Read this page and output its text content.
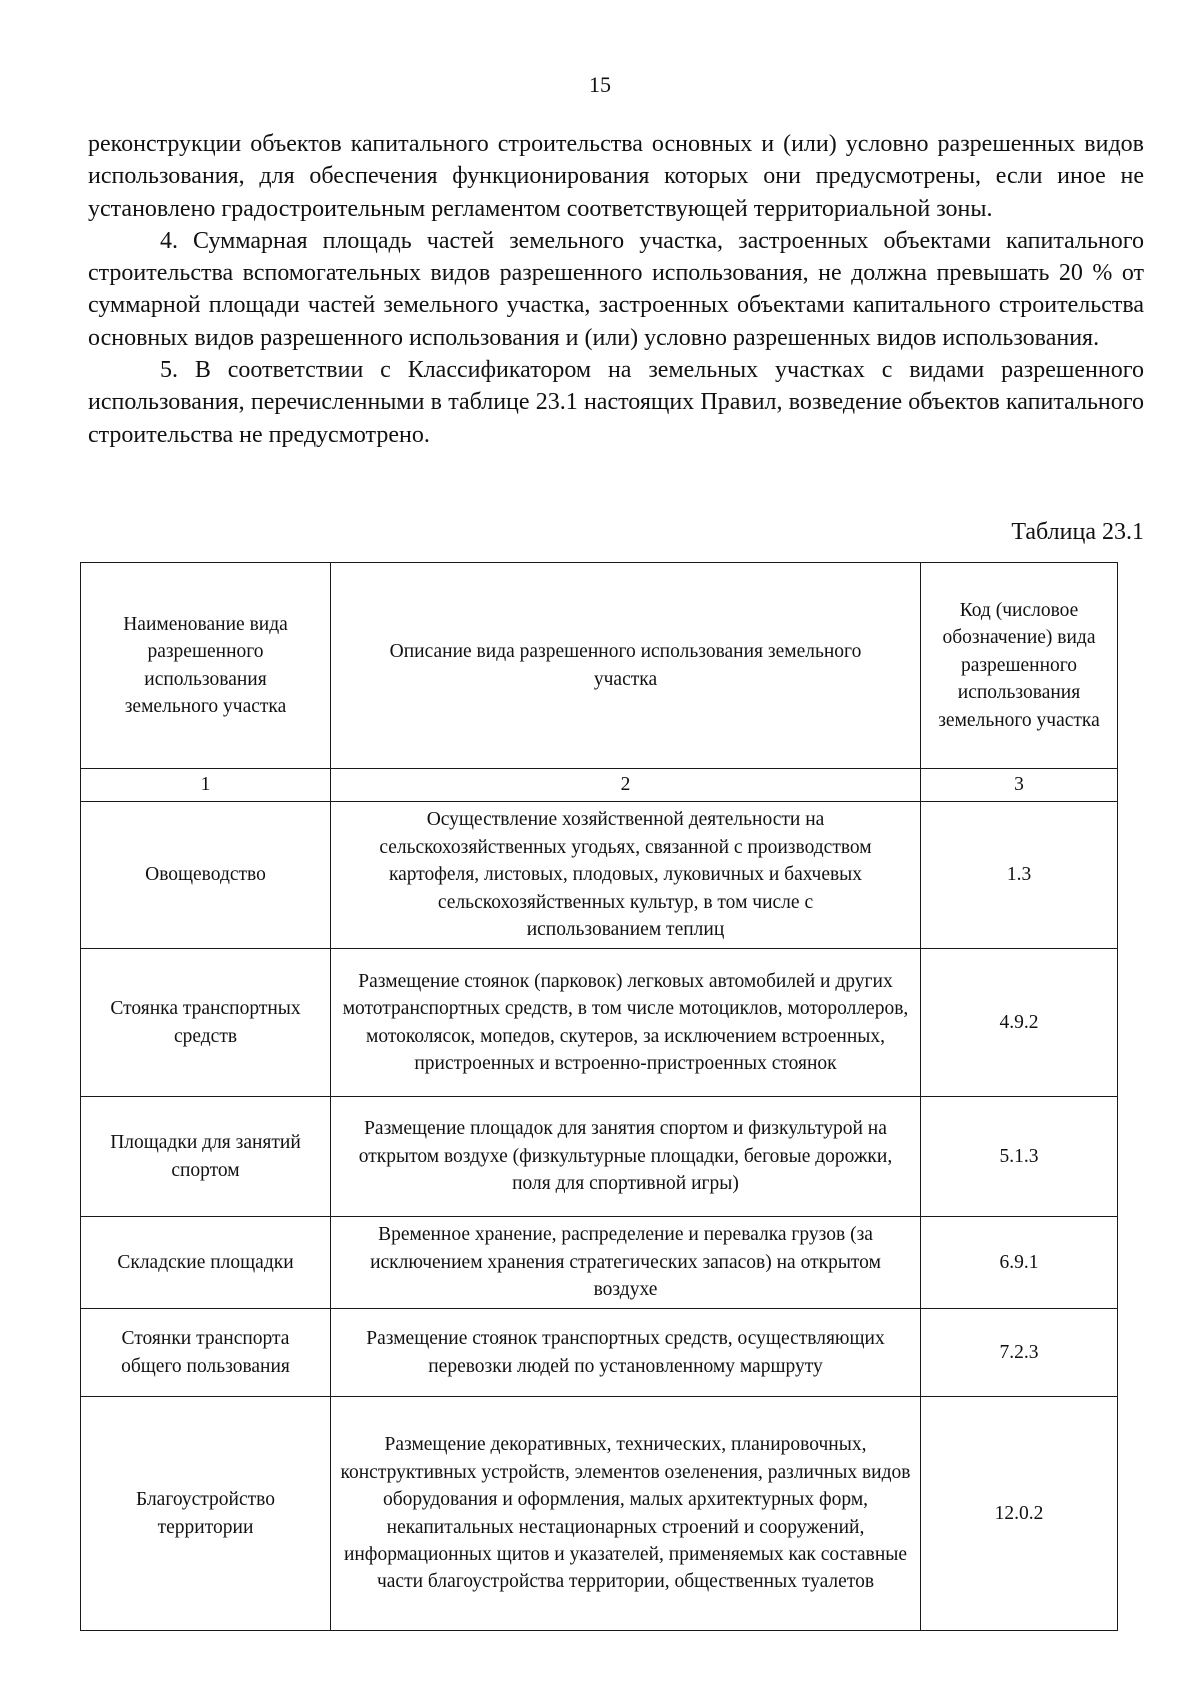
15

реконструкции объектов капитального строительства основных и (или) условно разрешенных видов использования, для обеспечения функционирования которых они предусмотрены, если иное не установлено градостроительным регламентом соответствующей территориальной зоны.

4. Суммарная площадь частей земельного участка, застроенных объектами капитального строительства вспомогательных видов разрешенного использования, не должна превышать 20 % от суммарной площади частей земельного участка, застроенных объектами капитального строительства основных видов разрешенного использования и (или) условно разрешенных видов использования.

5. В соответствии с Классификатором на земельных участках с видами разрешенного использования, перечисленными в таблице 23.1 настоящих Правил, возведение объектов капитального строительства не предусмотрено.

Таблица 23.1
Наименование вида разрешенного использования земельного участка	Описание вида разрешенного использования земельного участка	Код (числовое обозначение) вида разрешенного использования земельного участка

1	2	3
Овощеводство	Осуществление хозяйственной деятельности на сельскохозяйственных угодьях, связанной с производством картофеля, листовых, плодовых, луковичных и бахчевых сельскохозяйственных культур, в том числе с использованием теплиц	1.3

Стоянка транспортных средств	Размещение стоянок (парковок) легковых автомобилей и других мототранспортных средств, в том числе мотоциклов, мотороллеров, мотоколясок, мопедов, скутеров, за исключением встроенных, пристроенных и встроенно-пристроенных стоянок	4.9.2

Площадки для занятий спортом	Размещение площадок для занятия спортом и физкультурой на открытом воздухе (физкультурные площадки, беговые дорожки, поля для спортивной игры)	5.1.3
Складские площадки	Временное хранение, распределение и перевалка грузов (за исключением хранения стратегических запасов) на открытом воздухе	6.9.1

Стоянки транспорта общего пользования	Размещение стоянок транспортных средств, осуществляющих перевозки людей по установленному маршруту	7.2.3

Благоустройство территории	Размещение декоративных, технических, планировочных, конструктивных устройств, элементов озеленения, различных видов оборудования и оформления, малых архитектурных форм, некапитальных нестационарных строений и сооружений, информационных щитов и указателей, применяемых как составные части благоустройства территории, общественных туалетов	12.0.2
